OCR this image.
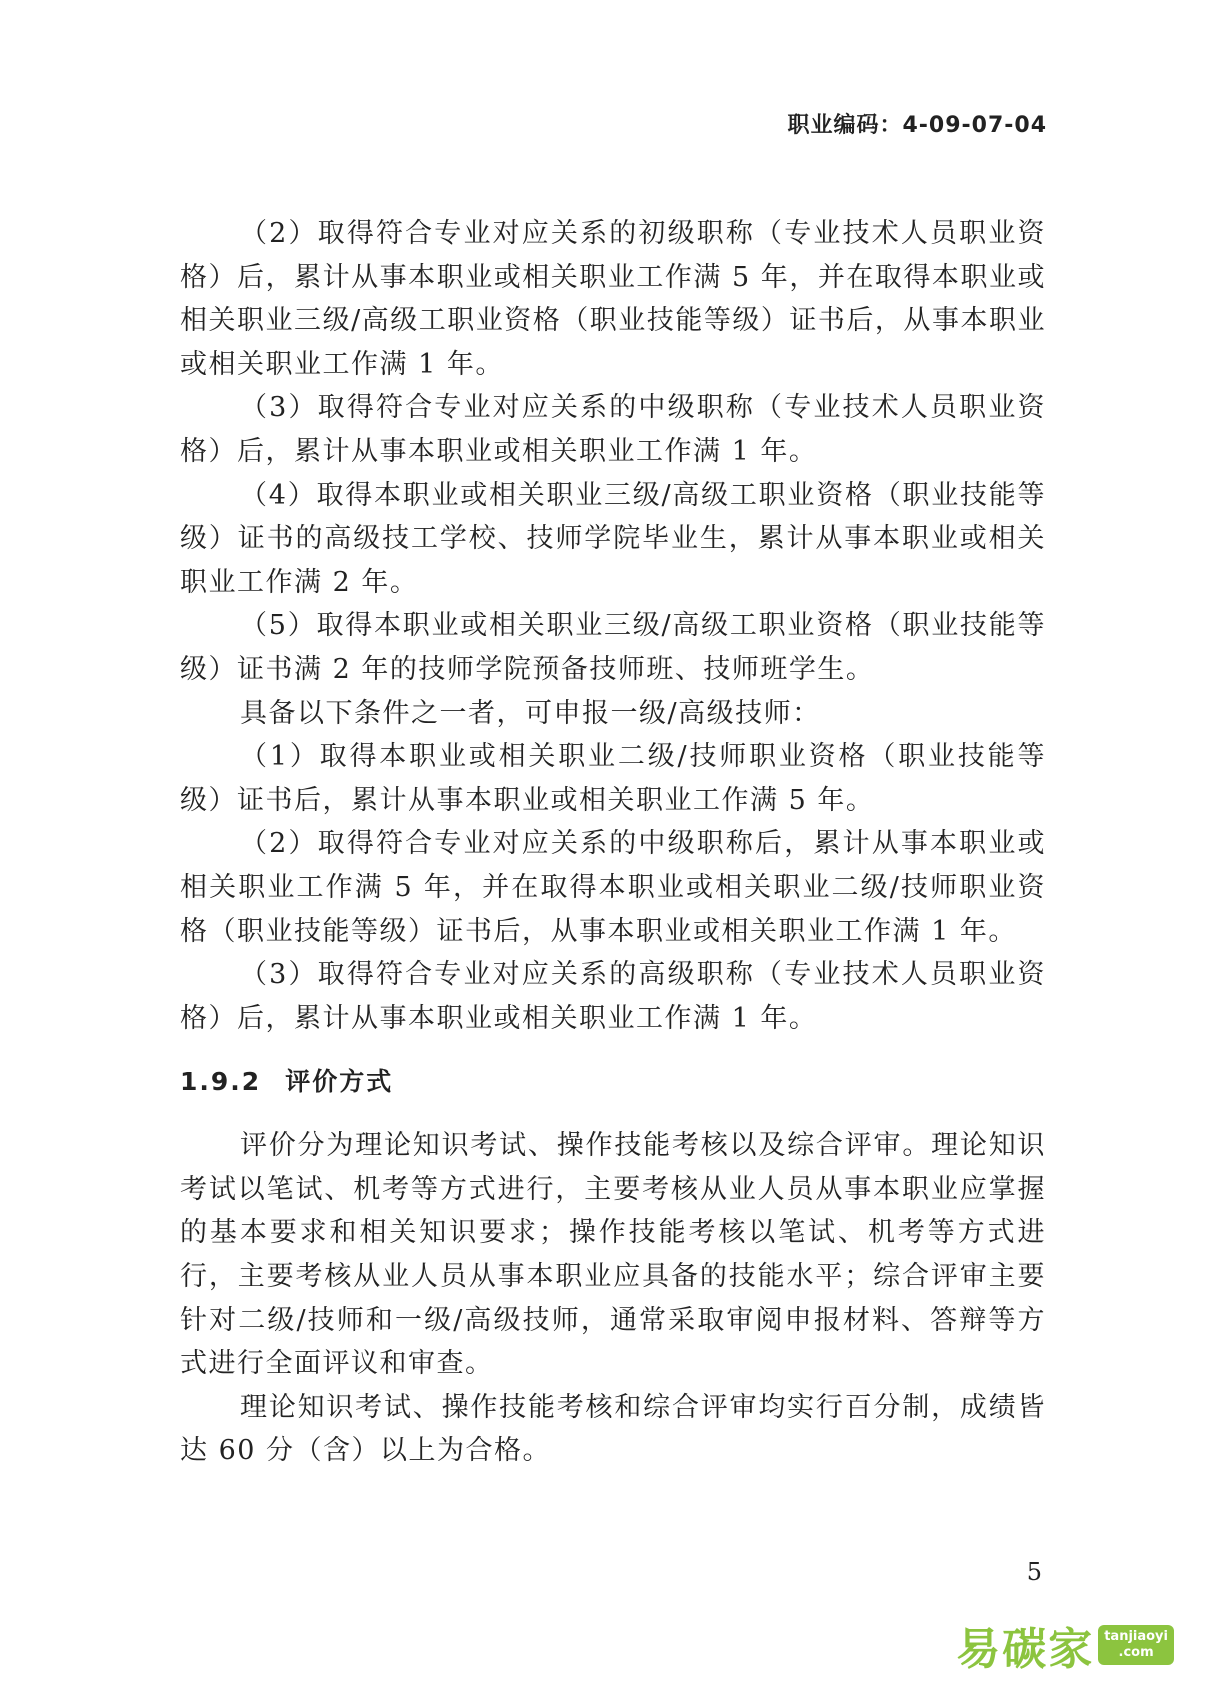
职业编码：4-09-07-04

（2）取得符合专业对应关系的初级职称（专业技术人员职业资格）后，累计从事本职业或相关职业工作满 5 年，并在取得本职业或相关职业三级/高级工职业资格（职业技能等级）证书后，从事本职业或相关职业工作满 1 年。

（3）取得符合专业对应关系的中级职称（专业技术人员职业资格）后，累计从事本职业或相关职业工作满 1 年。

（4）取得本职业或相关职业三级/高级工职业资格（职业技能等级）证书的高级技工学校、技师学院毕业生，累计从事本职业或相关职业工作满 2 年。

（5）取得本职业或相关职业三级/高级工职业资格（职业技能等级）证书满 2 年的技师学院预备技师班、技师班学生。

具备以下条件之一者，可申报一级/高级技师：

（1）取得本职业或相关职业二级/技师职业资格（职业技能等级）证书后，累计从事本职业或相关职业工作满 5 年。

（2）取得符合专业对应关系的中级职称后，累计从事本职业或相关职业工作满 5 年，并在取得本职业或相关职业二级/技师职业资格（职业技能等级）证书后，从事本职业或相关职业工作满 1 年。

（3）取得符合专业对应关系的高级职称（专业技术人员职业资格）后，累计从事本职业或相关职业工作满 1 年。

1.9.2 评价方式

评价分为理论知识考试、操作技能考核以及综合评审。理论知识考试以笔试、机考等方式进行，主要考核从业人员从事本职业应掌握的基本要求和相关知识要求；操作技能考核以笔试、机考等方式进行，主要考核从业人员从事本职业应具备的技能水平；综合评审主要针对二级/技师和一级/高级技师，通常采取审阅申报材料、答辩等方式进行全面评议和审查。

理论知识考试、操作技能考核和综合评审均实行百分制，成绩皆达 60 分（含）以上为合格。

5
易碳家 tanjiaoyi
.com
